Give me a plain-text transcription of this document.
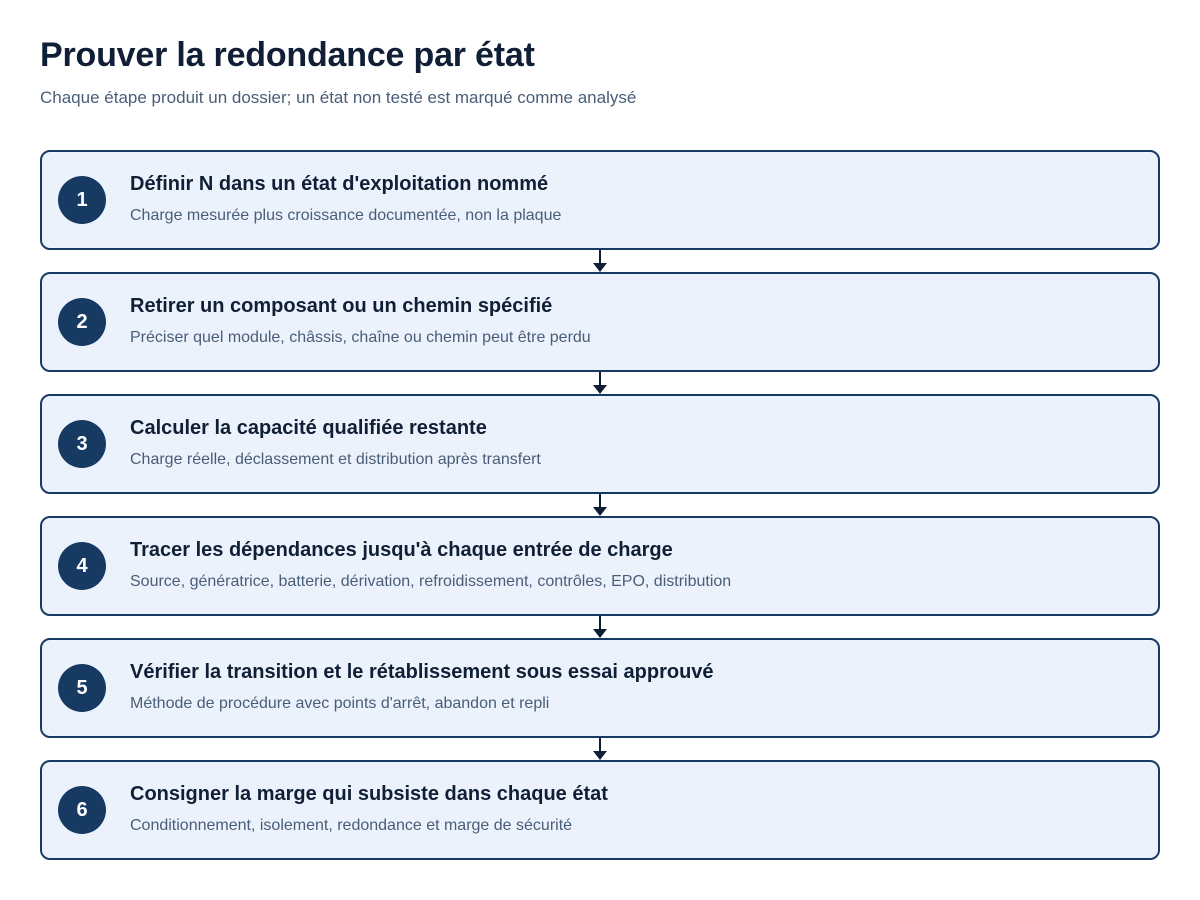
Prouver la redondance par état

Chaque étape produit un dossier; un état non testé est marqué comme analysé

1
Définir N dans un état d'exploitation nommé
Charge mesurée plus croissance documentée, non la plaque
2
Retirer un composant ou un chemin spécifié
Préciser quel module, châssis, chaîne ou chemin peut être perdu
3
Calculer la capacité qualifiée restante
Charge réelle, déclassement et distribution après transfert
4
Tracer les dépendances jusqu'à chaque entrée de charge
Source, génératrice, batterie, dérivation, refroidissement, contrôles, EPO, distribution
5
Vérifier la transition et le rétablissement sous essai approuvé
Méthode de procédure avec points d'arrêt, abandon et repli
6
Consigner la marge qui subsiste dans chaque état
Conditionnement, isolement, redondance et marge de sécurité
